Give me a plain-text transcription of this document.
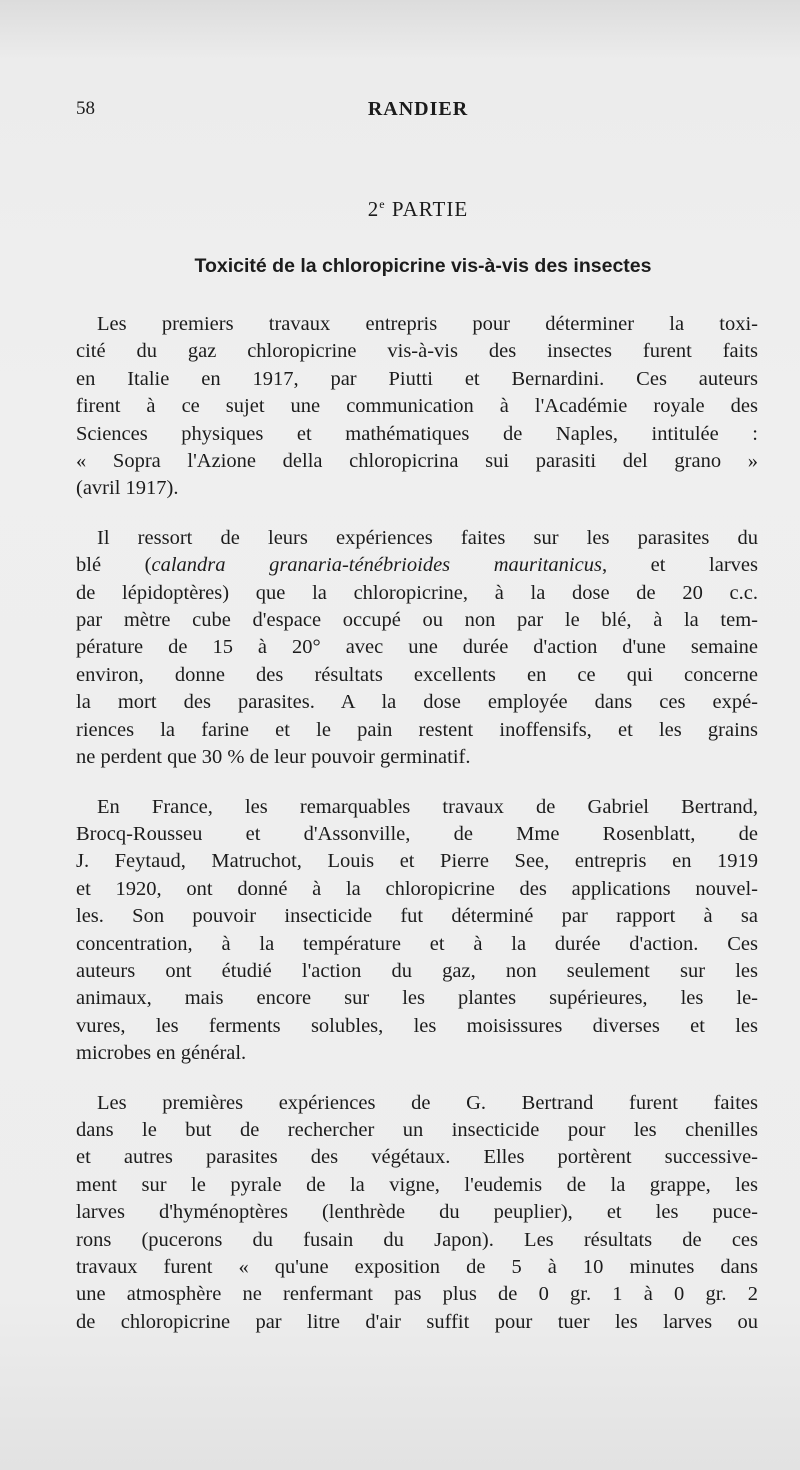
58	RANDIER
2e PARTIE
Toxicité de la chloropicrine vis-à-vis des insectes
Les premiers travaux entrepris pour déterminer la toxi-
cité du gaz chloropicrine vis-à-vis des insectes furent faits
en Italie en 1917, par Piutti et Bernardini. Ces auteurs
firent à ce sujet une communication à l'Académie royale des
Sciences physiques et mathématiques de Naples, intitulée :
« Sopra l'Azione della chloropicrina sui parasiti del grano »
(avril 1917).
Il ressort de leurs expériences faites sur les parasites du
blé (calandra granaria-ténébrioides mauritanicus, et larves
de lépidoptères) que la chloropicrine, à la dose de 20 c.c.
par mètre cube d'espace occupé ou non par le blé, à la tem-
pérature de 15 à 20° avec une durée d'action d'une semaine
environ, donne des résultats excellents en ce qui concerne
la mort des parasites. A la dose employée dans ces expé-
riences la farine et le pain restent inoffensifs, et les grains
ne perdent que 30 % de leur pouvoir germinatif.
En France, les remarquables travaux de Gabriel Bertrand,
Brocq-Rousseu et d'Assonville, de Mme Rosenblatt, de
J. Feytaud, Matruchot, Louis et Pierre See, entrepris en 1919
et 1920, ont donné à la chloropicrine des applications nouvel-
les. Son pouvoir insecticide fut déterminé par rapport à sa
concentration, à la température et à la durée d'action. Ces
auteurs ont étudié l'action du gaz, non seulement sur les
animaux, mais encore sur les plantes supérieures, les le-
vures, les ferments solubles, les moisissures diverses et les
microbes en général.
Les premières expériences de G. Bertrand furent faites
dans le but de rechercher un insecticide pour les chenilles
et autres parasites des végétaux. Elles portèrent successive-
ment sur le pyrale de la vigne, l'eudemis de la grappe, les
larves d'hyménoptères (lenthrède du peuplier), et les puce-
rons (pucerons du fusain du Japon). Les résultats de ces
travaux furent « qu'une exposition de 5 à 10 minutes dans
une atmosphère ne renfermant pas plus de 0 gr. 1 à 0 gr. 2
de chloropicrine par litre d'air suffit pour tuer les larves ou
